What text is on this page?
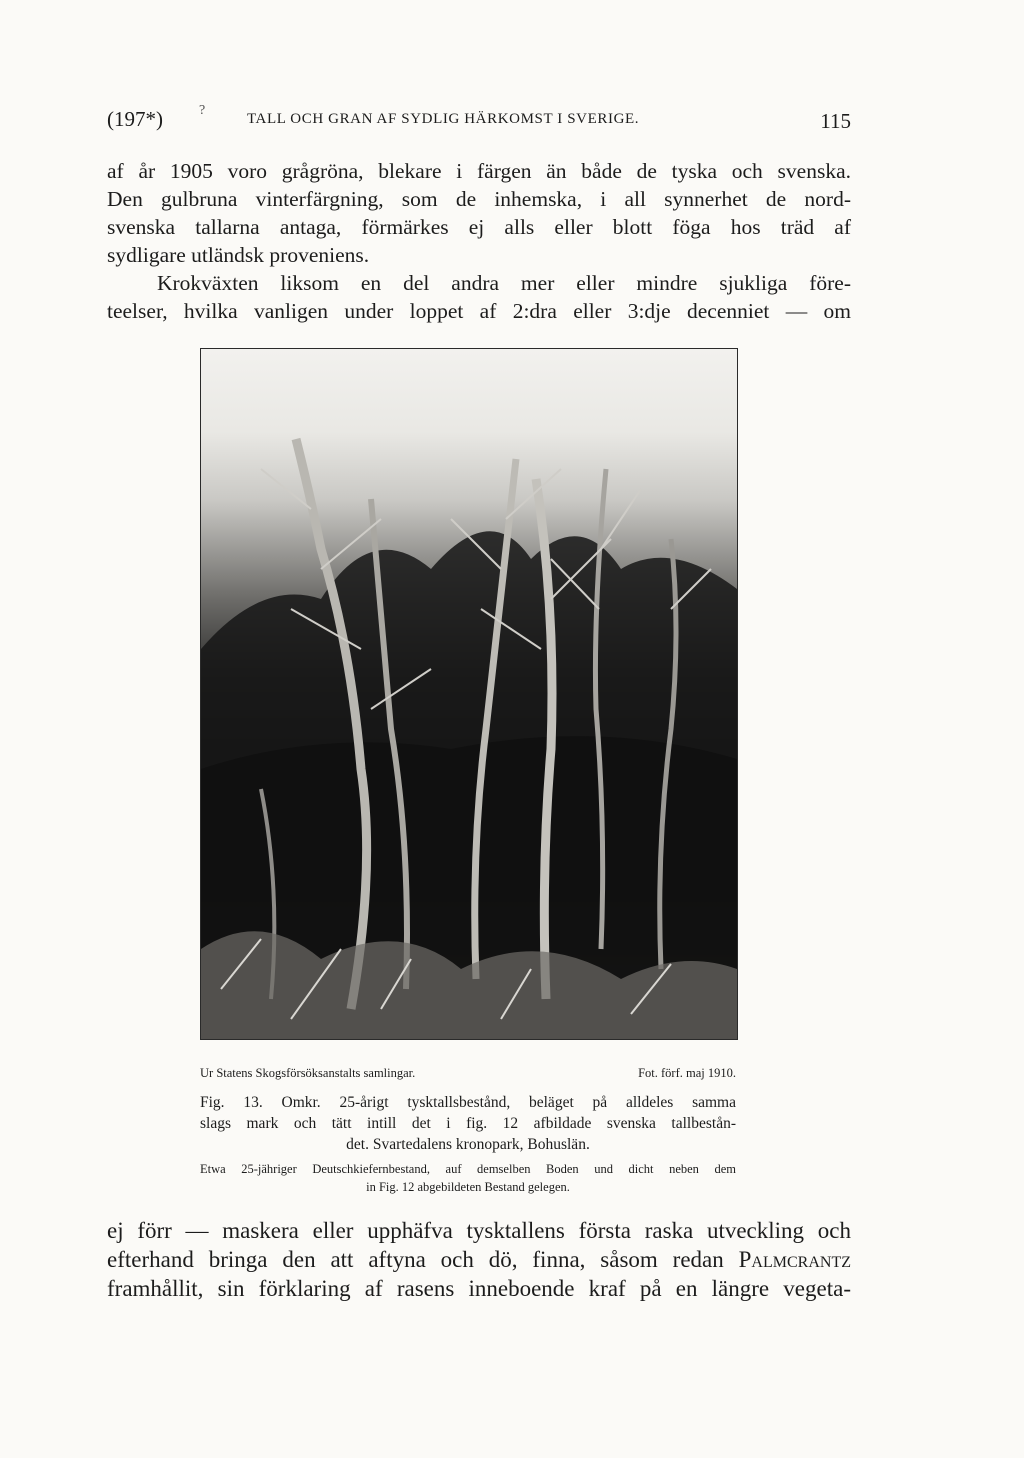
(197*)	?
TALL OCH GRAN AF SYDLIG HÄRKOMST I SVERIGE.	115
af år 1905 voro grågröna, blekare i färgen än både de tyska och svenska.
Den gulbruna vinterfärgning, som de inhemska, i all synnerhet de nord-
svenska tallarna antaga, förmärkes ej alls eller blott föga hos träd af
sydligare utländsk proveniens.
Krokväxten liksom en del andra mer eller mindre sjukliga före-
teelser, hvilka vanligen under loppet af 2:dra eller 3:dje decenniet — om
Ur Statens Skogsförsöksanstalts samlingar.	Fot. förf. maj 1910.
Fig. 13. Omkr. 25-årigt tysktallsbestånd, beläget på alldeles samma
slags mark och tätt intill det i fig. 12 afbildade svenska tallbestån-
det. Svartedalens kronopark, Bohuslän.
Etwa 25-jähriger Deutschkiefernbestand, auf demselben Boden und dicht neben dem
in Fig. 12 abgebildeten Bestand gelegen.
ej förr — maskera eller upphäfva tysktallens första raska utveckling och
efterhand bringa den att aftyna och dö, finna, såsom redan Palmcrantz
framhållit, sin förklaring af rasens inneboende kraf på en längre vegeta-
